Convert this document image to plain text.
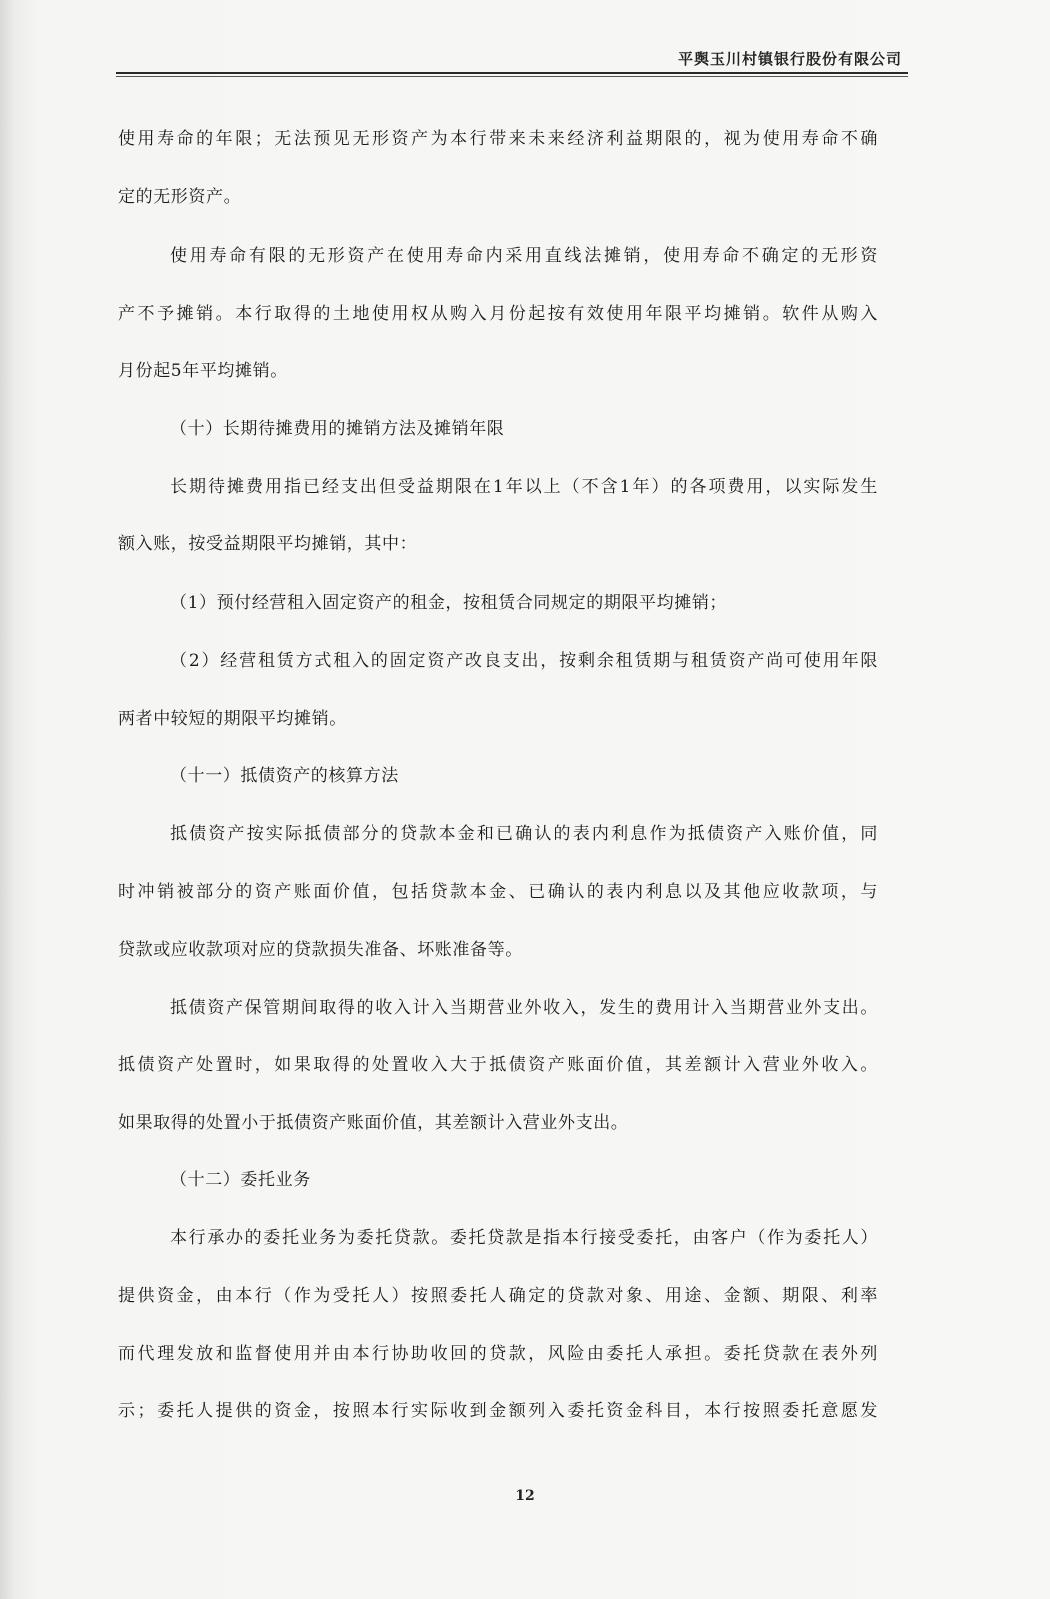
平舆玉川村镇银行股份有限公司
使用寿命的年限；无法预见无形资产为本行带来未来经济利益期限的，视为使用寿命不确
定的无形资产。
使用寿命有限的无形资产在使用寿命内采用直线法摊销，使用寿命不确定的无形资
产不予摊销。本行取得的土地使用权从购入月份起按有效使用年限平均摊销。软件从购入
月份起5年平均摊销。
（十）长期待摊费用的摊销方法及摊销年限
长期待摊费用指已经支出但受益期限在1年以上（不含1年）的各项费用，以实际发生
额入账，按受益期限平均摊销，其中：
（1）预付经营租入固定资产的租金，按租赁合同规定的期限平均摊销；
（2）经营租赁方式租入的固定资产改良支出，按剩余租赁期与租赁资产尚可使用年限
两者中较短的期限平均摊销。
（十一）抵债资产的核算方法
抵债资产按实际抵债部分的贷款本金和已确认的表内利息作为抵债资产入账价值，同
时冲销被部分的资产账面价值，包括贷款本金、已确认的表内利息以及其他应收款项，与
贷款或应收款项对应的贷款损失准备、坏账准备等。
抵债资产保管期间取得的收入计入当期营业外收入，发生的费用计入当期营业外支出。
抵债资产处置时，如果取得的处置收入大于抵债资产账面价值，其差额计入营业外收入。
如果取得的处置小于抵债资产账面价值，其差额计入营业外支出。
（十二）委托业务
本行承办的委托业务为委托贷款。委托贷款是指本行接受委托，由客户（作为委托人）
提供资金，由本行（作为受托人）按照委托人确定的贷款对象、用途、金额、期限、利率
而代理发放和监督使用并由本行协助收回的贷款，风险由委托人承担。委托贷款在表外列
示；委托人提供的资金，按照本行实际收到金额列入委托资金科目，本行按照委托意愿发
12
